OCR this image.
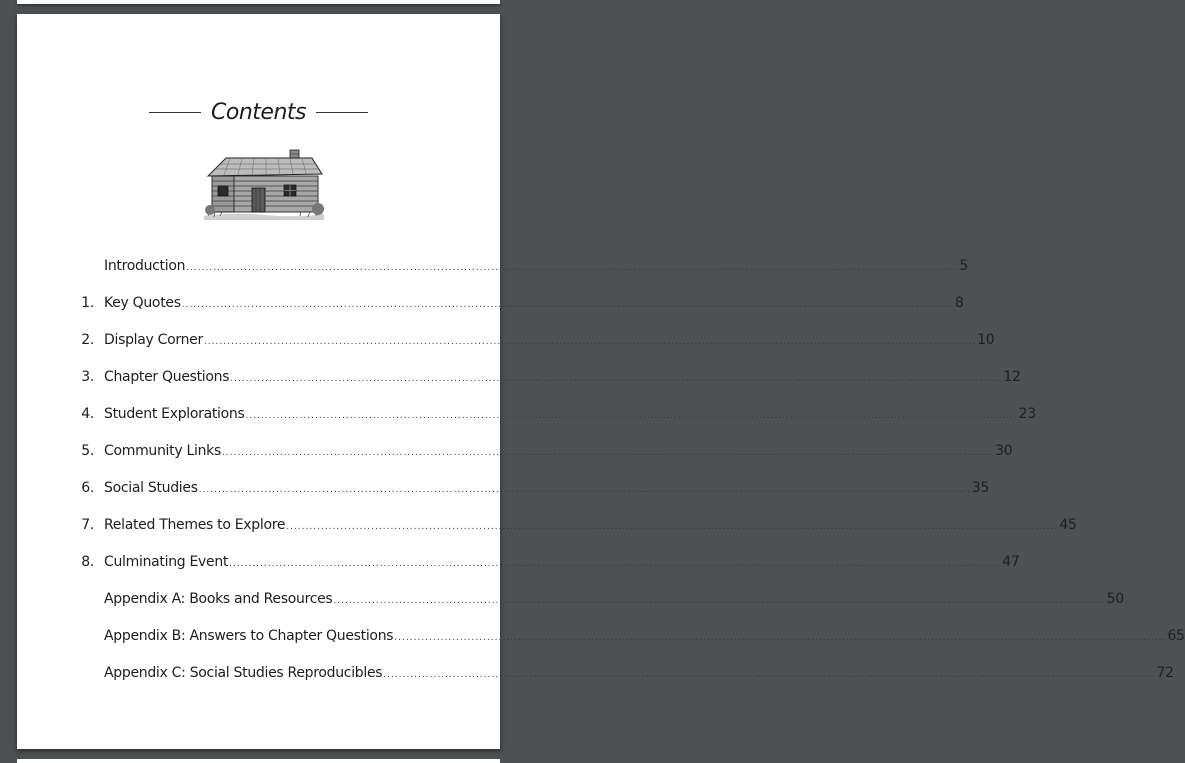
Contents
Introduction ........................................................................................................................................................................................................ 5
1. Key Quotes ........................................................................................................................................................................................................ 8
2. Display Corner ........................................................................................................................................................................................................ 10
3. Chapter Questions ........................................................................................................................................................................................................ 12
4. Student Explorations ........................................................................................................................................................................................................ 23
5. Community Links ........................................................................................................................................................................................................ 30
6. Social Studies ........................................................................................................................................................................................................ 35
7. Related Themes to Explore ........................................................................................................................................................................................................ 45
8. Culminating Event ........................................................................................................................................................................................................ 47
Appendix A: Books and Resources ........................................................................................................................................................................................................ 50
Appendix B: Answers to Chapter Questions ........................................................................................................................................................................................................ 65
Appendix C: Social Studies Reproducibles ........................................................................................................................................................................................................ 72
